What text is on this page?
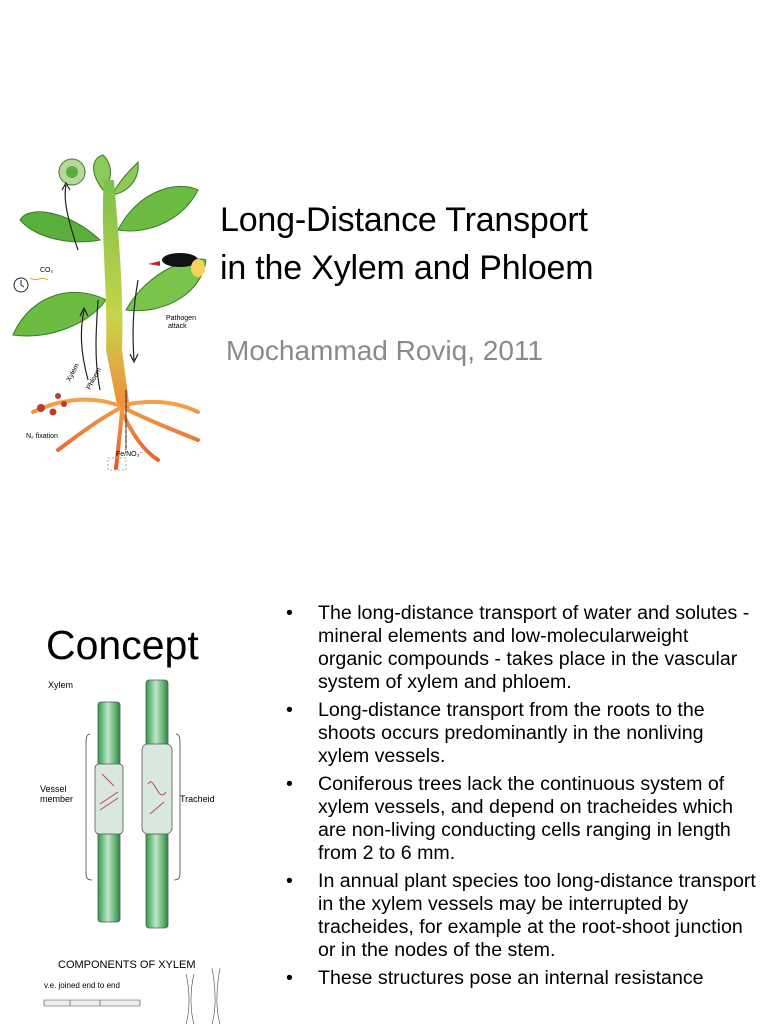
CO₂
Pathogen
attack
Xylem Phloem
N₂ fixation
Fe/NO₃⁻
Long-Distance Transport
in the Xylem and Phloem

Mochammad Roviq, 2011

Concept
Xylem
Vessel
member	Tracheid
COMPONENTS OF XYLEM
v.e. joined end to end
• The long-distance transport of water and solutes - mineral elements and low-molecularweight organic compounds - takes place in the vascular system of xylem and phloem.
• Long-distance transport from the roots to the shoots occurs predominantly in the nonliving xylem vessels.
• Coniferous trees lack the continuous system of xylem vessels, and depend on tracheides which are non-living conducting cells ranging in length from 2 to 6 mm.
• In annual plant species too long-distance transport in the xylem vessels may be interrupted by tracheides, for example at the root-shoot junction or in the nodes of the stem.
• These structures pose an internal resistance
